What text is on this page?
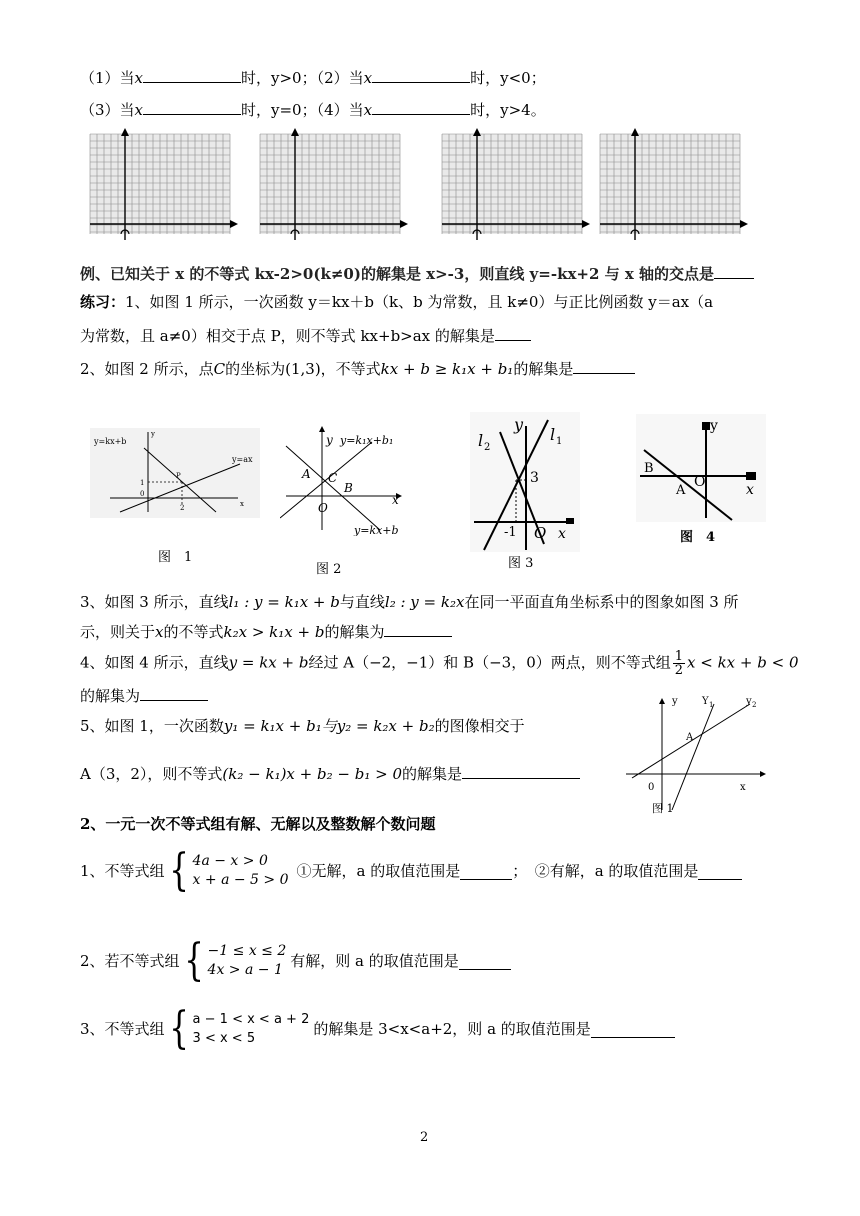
（1）当x	时，y>0；（2）当x	时，y<0；
（3）当x	时，y=0；（4）当x	时，y>4。
例、已知关于 x 的不等式 kx-2>0(k≠0)的解集是 x>-3，则直线 y=-kx+2 与 x 轴的交点是
练习：1、如图 1 所示，一次函数 y＝kx＋b（k、b 为常数，且 k≠0）与正比例函数 y＝ax（a
为常数，且 a≠0）相交于点 P，则不等式 kx+b>ax 的解集是
2、如图 2 所示，点C的坐标为(1,3)，不等式kx + b ≥ k₁x + b₁的解集是
y=kx+b
y=ax
P
y
1
0
2	x
图　1
y y=k₁x+b₁
A C
B
x
O
y=kx+b
图 2
l 2
y
l 1
3
-1 O x
图 3
y
B
A
O	x
图　4
3、如图 3 所示，直线l₁ : y = k₁x + b与直线l₂ : y = k₂x在同一平面直角坐标系中的图象如图 3 所
示，则关于x的不等式k₂x > k₁x + b的解集为
4、如图 4 所示，直线y = kx + b经过 A（−2，−1）和 B（−3，0）两点，则不等式组 $\frac{1}{2}$ x < kx + b < 0
的解集为
5、如图 1，一次函数y₁ = k₁x + b₁与y₂ = k₂x + b₂的图像相交于
A（3，2），则不等式(k₂ − k₁)x + b₂ − b₁ > 0的解集是
y Y 1	y 2
A
0	x
图 1
2、一元一次不等式组有解、无解以及整数解个数问题
1、不等式组{ 4a − x > 0
x + a − 5 > 0 ①无解，a 的取值范围是	；　②有解，a 的取值范围是
2、若不等式组{ −1 ≤ x ≤ 2
4x > a − 1 有解，则 a 的取值范围是
3、不等式组{ a − 1 < x < a + 2
3 < x < 5
的解集是 3<x<a+2，则 a 的取值范围是
2
